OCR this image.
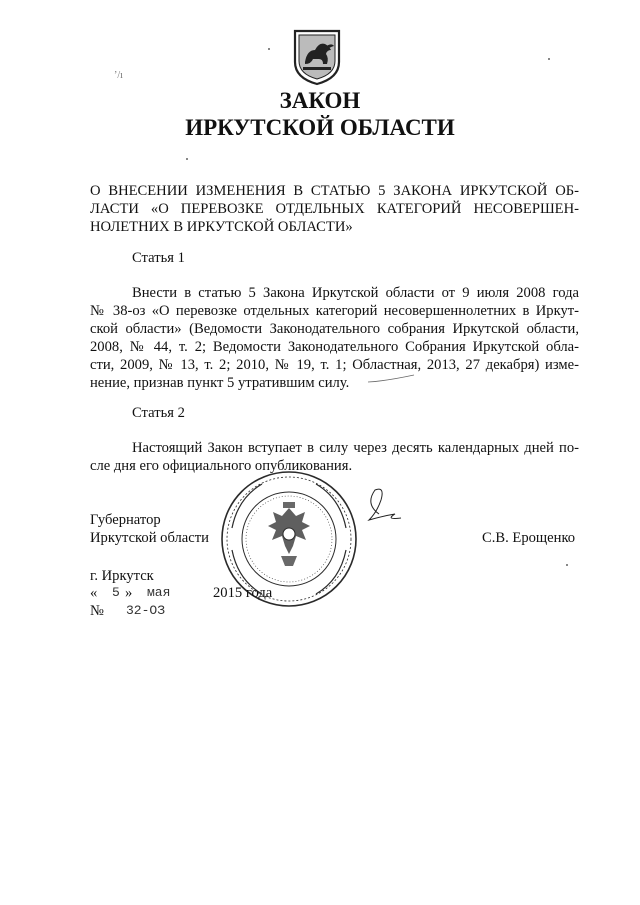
ʼ/ı
ЗАКОН
ИРКУТСКОЙ ОБЛАСТИ
О ВНЕСЕНИИ ИЗМЕНЕНИЯ В СТАТЬЮ 5 ЗАКОНА ИРКУТСКОЙ ОБ-
ЛАСТИ «О ПЕРЕВОЗКЕ ОТДЕЛЬНЫХ КАТЕГОРИЙ НЕСОВЕРШЕН-
НОЛЕТНИХ В ИРКУТСКОЙ ОБЛАСТИ»
Статья 1
Внести в статью 5 Закона Иркутской области от 9 июля 2008 года
№ 38-оз «О перевозке отдельных категорий несовершеннолетних в Иркут-
ской области» (Ведомости Законодательного собрания Иркутской области,
2008, № 44, т. 2; Ведомости Законодательного Собрания Иркутской обла-
сти, 2009, № 13, т. 2; 2010, № 19, т. 1; Областная, 2013, 27 декабря) изме-
нение, признав пункт 5 утратившим силу.
Статья 2
Настоящий Закон вступает в силу через десять календарных дней по-
сле дня его официального опубликования.
Губернатор
Иркутской области	С.В. Ерощенко
г. Иркутск
« 5 » мая	2015 года
№ 32-ОЗ
